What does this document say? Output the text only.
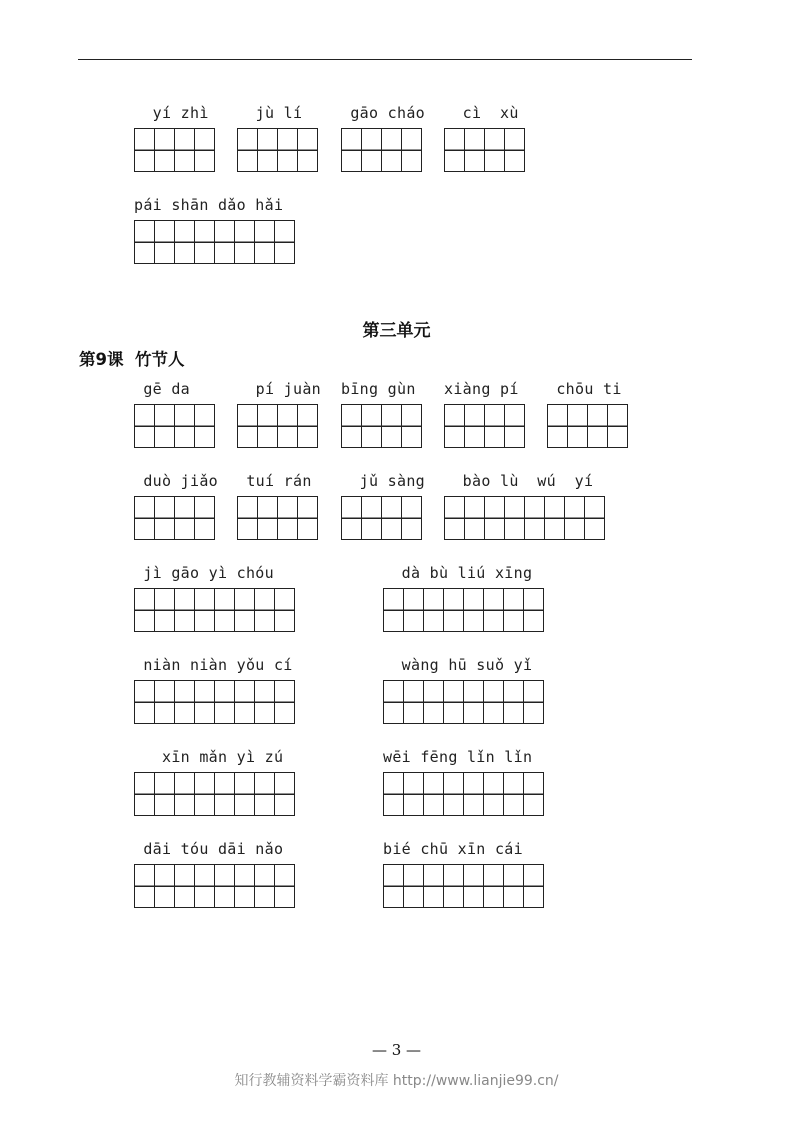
yí zhì jù lí	gāo cháo cì  xù
pái shān dǎo hǎi
第三单元
第9课  竹节人
gē da	pí juàn bīng gùn xiàng pí chōu ti
duò jiǎo tuí rán jǔ sàng bào lù  wú  yí
jì gāo yì chóu	dà bù liú xīng
niàn niàn yǒu cí	wàng hū suǒ yǐ
xīn mǎn yì zú	wēi fēng lǐn lǐn
dāi tóu dāi nǎo	bié chū xīn cái
— 3 —
知行教辅资料学霸资料库 http://www.lianjie99.cn/
